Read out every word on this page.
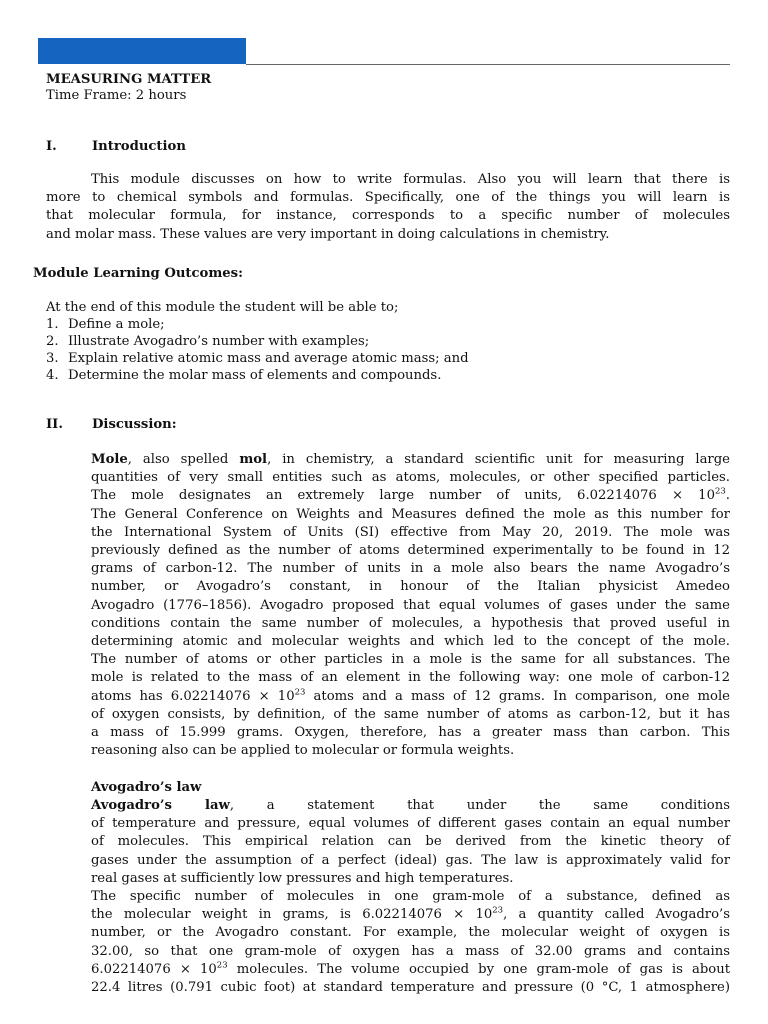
MEASURING MATTER
Time Frame: 2 hours
I.	Introduction
This module discusses on how to write formulas. Also you will learn that there is
more to chemical symbols and formulas. Specifically, one of the things you will learn is
that molecular formula, for instance, corresponds to a specific number of molecules
and molar mass. These values are very important in doing calculations in chemistry.
Module Learning Outcomes:
At the end of this module the student will be able to;
1. Define a mole;
2. Illustrate Avogadro’s number with examples;
3. Explain relative atomic mass and average atomic mass; and
4. Determine the molar mass of elements and compounds.
II. Discussion:
Mole, also spelled mol, in chemistry, a standard scientific unit for measuring large
quantities of very small entities such as atoms, molecules, or other specified particles.
The mole designates an extremely large number of units, $6.02214076 \times 10^{23}$.
The General Conference on Weights and Measures defined the mole as this number for
the International System of Units (SI) effective from May 20, 2019. The mole was
previously defined as the number of atoms determined experimentally to be found in 12
grams of carbon-12. The number of units in a mole also bears the name Avogadro’s
number, or Avogadro’s constant, in honour of the Italian physicist Amedeo
Avogadro (1776–1856). Avogadro proposed that equal volumes of gases under the same
conditions contain the same number of molecules, a hypothesis that proved useful in
determining atomic and molecular weights and which led to the concept of the mole.
The number of atoms or other particles in a mole is the same for all substances. The
mole is related to the mass of an element in the following way: one mole of carbon-12
atoms has $6.02214076 \times 10^{23}$ atoms and a mass of 12 grams. In comparison, one mole
of oxygen consists, by definition, of the same number of atoms as carbon-12, but it has
a mass of 15.999 grams. Oxygen, therefore, has a greater mass than carbon. This
reasoning also can be applied to molecular or formula weights.
Avogadro’s law
Avogadro’s law, a statement that under the same conditions
of temperature and pressure, equal volumes of different gases contain an equal number
of molecules. This empirical relation can be derived from the kinetic theory of
gases under the assumption of a perfect (ideal) gas. The law is approximately valid for
real gases at sufficiently low pressures and high temperatures.
The specific number of molecules in one gram-mole of a substance, defined as
the molecular weight in grams, is $6.02214076 \times 10^{23}$, a quantity called Avogadro’s
number, or the Avogadro constant. For example, the molecular weight of oxygen is
32.00, so that one gram-mole of oxygen has a mass of 32.00 grams and contains
$6.02214076 \times 10^{23}$ molecules. The volume occupied by one gram-mole of gas is about
22.4 litres (0.791 cubic foot) at standard temperature and pressure (0 °C, 1 atmosphere)
